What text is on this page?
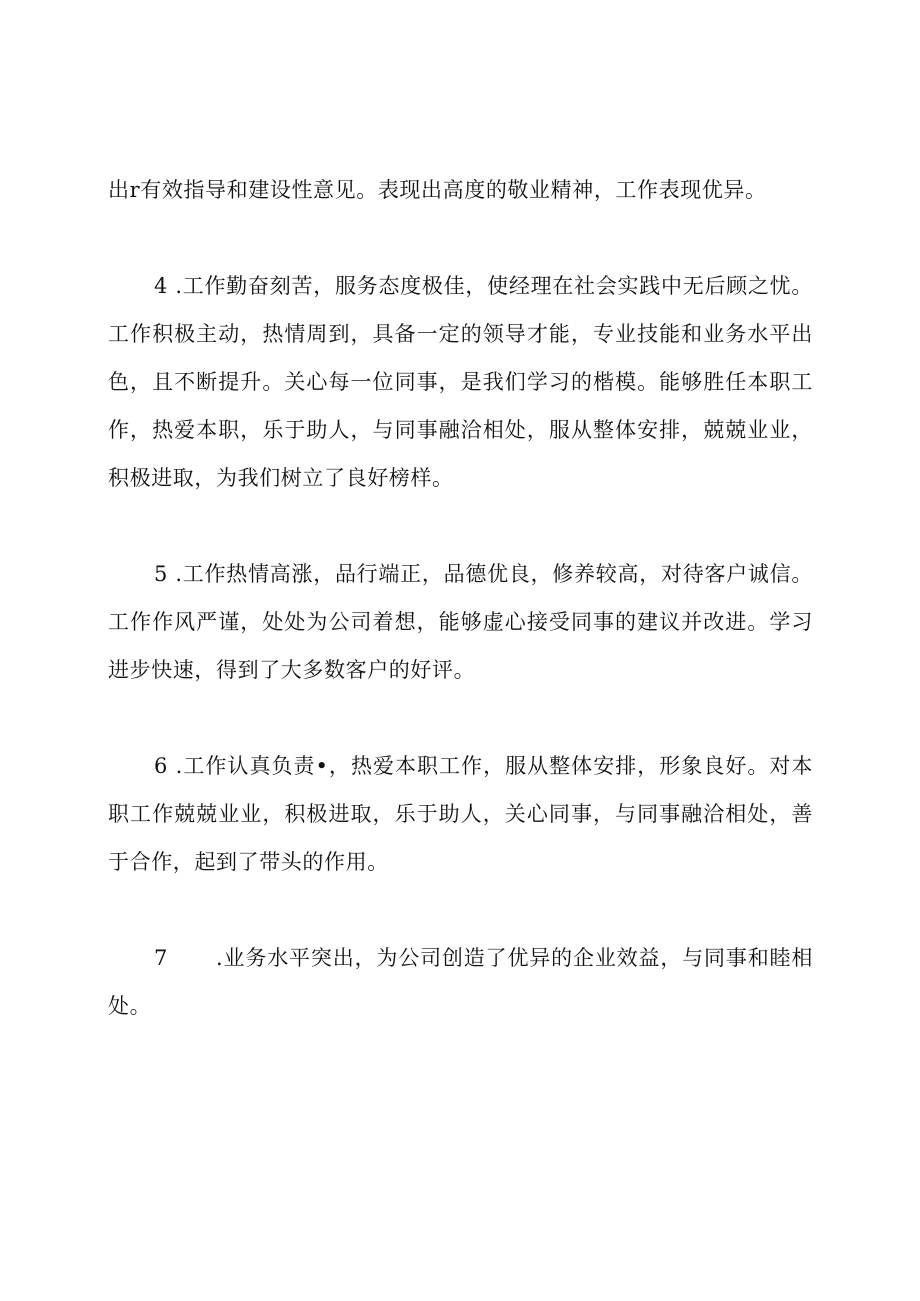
出r有效指导和建设性意见。表现出高度的敬业精神，工作表现优异。

4 .工作勤奋刻苦，服务态度极佳，使经理在社会实践中无后顾之忧。工作积极主动，热情周到，具备一定的领导才能，专业技能和业务水平出色，且不断提升。关心每一位同事，是我们学习的楷模。能够胜任本职工作，热爱本职，乐于助人，与同事融洽相处，服从整体安排，兢兢业业，积极进取，为我们树立了良好榜样。

5 .工作热情高涨，品行端正，品德优良，修养较高，对待客户诚信。工作作风严谨，处处为公司着想，能够虚心接受同事的建议并改进。学习进步快速，得到了大多数客户的好评。

6 .工作认真负责•，热爱本职工作，服从整体安排，形象良好。对本职工作兢兢业业，积极进取，乐于助人，关心同事，与同事融洽相处，善于合作，起到了带头的作用。

7 .业务水平突出，为公司创造了优异的企业效益，与同事和睦相处。
